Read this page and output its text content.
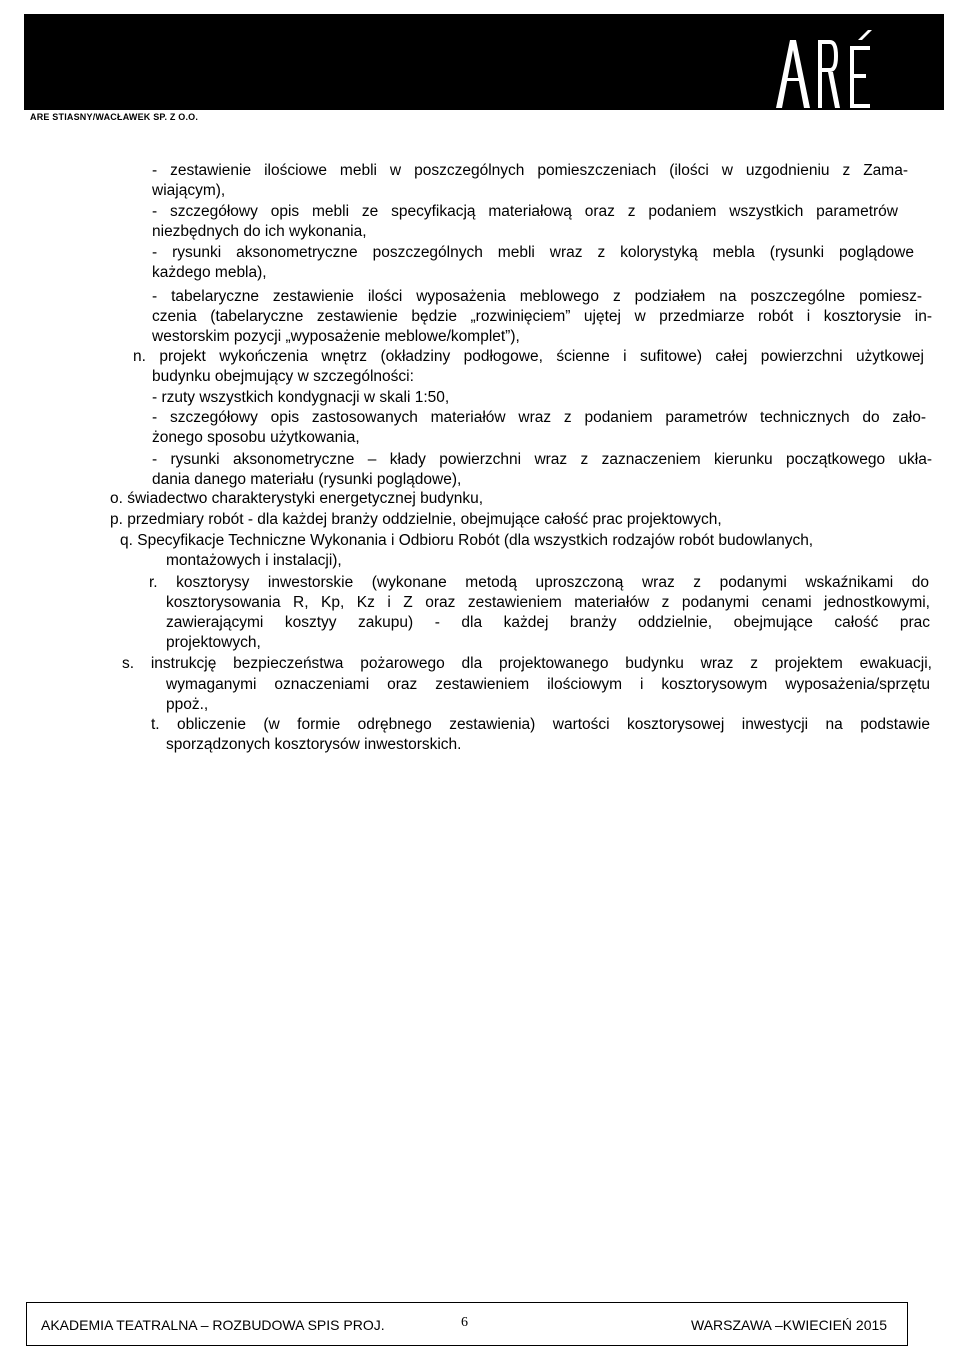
ARE STIASNY/WACŁAWEK SP. Z O.O.
- zestawienie ilościowe mebli w poszczególnych pomieszczeniach (ilości w uzgodnieniu z Zama-
wiającym),
- szczegółowy opis mebli ze specyfikacją materiałową oraz z podaniem wszystkich parametrów
niezbędnych do ich wykonania,
- rysunki aksonometryczne poszczególnych mebli wraz z kolorystyką mebla (rysunki poglądowe
każdego mebla),
- tabelaryczne zestawienie ilości wyposażenia meblowego z podziałem na poszczególne pomiesz-
czenia (tabelaryczne zestawienie będzie „rozwinięciem” ujętej w przedmiarze robót i kosztorysie in-
westorskim pozycji „wyposażenie meblowe/komplet”),
n. projekt wykończenia wnętrz (okładziny podłogowe, ścienne i sufitowe) całej powierzchni użytkowej
budynku obejmujący w szczególności:
- rzuty wszystkich kondygnacji w skali 1:50,
- szczegółowy opis zastosowanych materiałów wraz z podaniem parametrów technicznych do zało-
żonego sposobu użytkowania,
- rysunki aksonometryczne – kłady powierzchni wraz z zaznaczeniem kierunku początkowego ukła-
dania danego materiału (rysunki poglądowe),
o. świadectwo charakterystyki energetycznej budynku,
p. przedmiary robót - dla każdej branży oddzielnie, obejmujące całość prac projektowych,
q. Specyfikacje Techniczne Wykonania i Odbioru Robót (dla wszystkich rodzajów robót budowlanych,
montażowych i instalacji),
r. kosztorysy inwestorskie (wykonane metodą uproszczoną wraz z podanymi wskaźnikami do
kosztorysowania R, Kp, Kz i Z oraz zestawieniem materiałów z podanymi cenami jednostkowymi,
zawierającymi kosztyy zakupu) - dla każdej branży oddzielnie, obejmujące całość prac
projektowych,
s. instrukcję bezpieczeństwa pożarowego dla projektowanego budynku wraz z projektem ewakuacji,
wymaganymi oznaczeniami oraz zestawieniem ilościowym i kosztorysowym wyposażenia/sprzętu
ppoż.,
t. obliczenie (w formie odrębnego zestawienia) wartości kosztorysowej inwestycji na podstawie
sporządzonych kosztorysów inwestorskich.
AKADEMIA TEATRALNA – ROZBUDOWA SPIS PROJ.	6	WARSZAWA –KWIECIEŃ 2015
